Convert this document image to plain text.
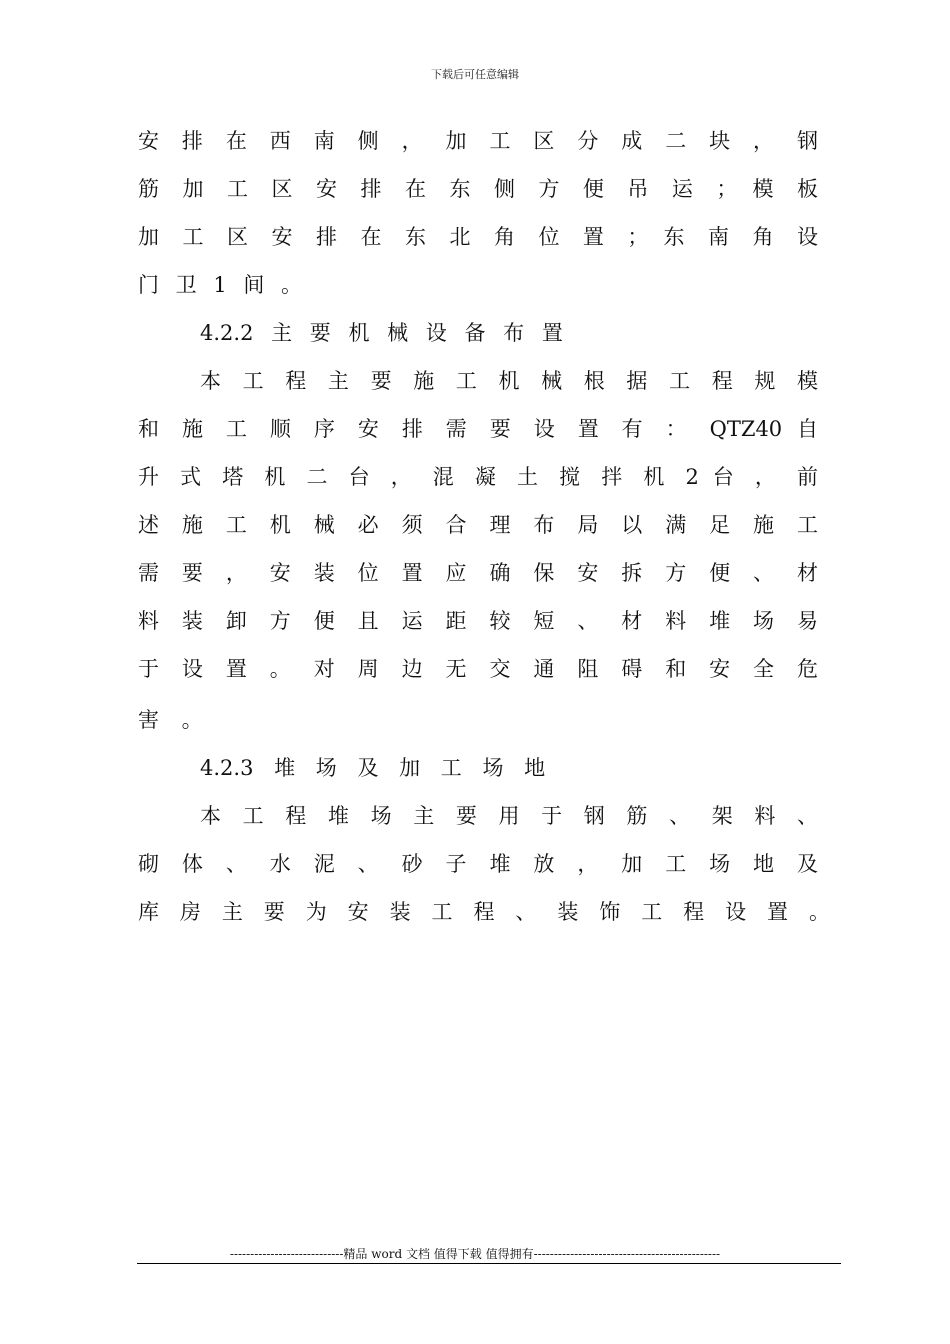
下载后可任意编辑
安 排 在 西 南 侧 ， 加 工 区 分 成 二 块 ， 钢
筋 加 工 区 安 排 在 东 侧 方 便 吊 运 ； 模 板
加 工 区 安 排 在 东 北 角 位 置 ； 东 南 角 设
门 卫 1 间 。
4.2.2 主 要 机 械 设 备 布 置
本 工 程 主 要 施 工 机 械 根 据 工 程 规 模
和 施 工 顺 序 安 排 需 要 设 置 有 ： QTZ40 自
升 式 塔 机 二 台 ， 混 凝 土 搅 拌 机 2 台 ， 前
述 施 工 机 械 必 须 合 理 布 局 以 满 足 施 工
需 要 ， 安 装 位 置 应 确 保 安 拆 方 便 、 材
料 装 卸 方 便 且 运 距 较 短 、 材 料 堆 场 易
于 设 置 。 对 周 边 无 交 通 阻 碍 和 安 全 危
害 。
4.2.3 堆 场 及 加 工 场 地
本 工 程 堆 场 主 要 用 于 钢 筋 、 架 料 、
砌 体 、 水 泥 、 砂 子 堆 放 ， 加 工 场 地 及
库 房 主 要 为 安 装 工 程 、 装 饰 工 程 设 置 。
----------------------------精品 word 文档 值得下载 值得拥有----------------------------------------------
